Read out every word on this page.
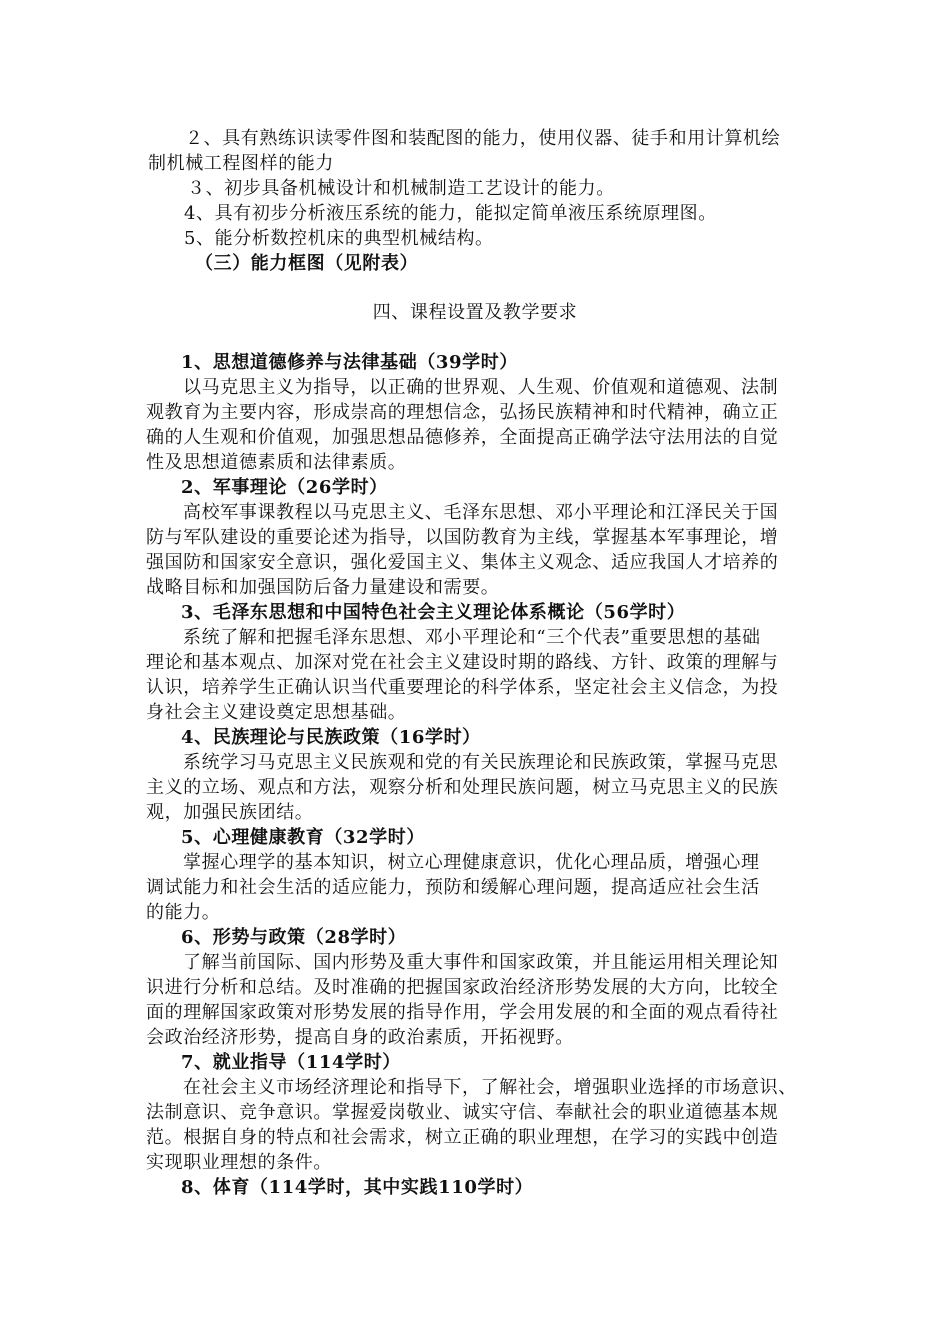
２、具有熟练识读零件图和装配图的能力，使用仪器、徒手和用计算机绘
制机械工程图样的能力
３、初步具备机械设计和机械制造工艺设计的能力。
4、具有初步分析液压系统的能力，能拟定简单液压系统原理图。
5、能分析数控机床的典型机械结构。
（三）能力框图（见附表）
四、课程设置及教学要求
1、思想道德修养与法律基础（39学时）
以马克思主义为指导，以正确的世界观、人生观、价值观和道德观、法制
观教育为主要内容，形成崇高的理想信念，弘扬民族精神和时代精神，确立正
确的人生观和价值观，加强思想品德修养，全面提高正确学法守法用法的自觉
性及思想道德素质和法律素质。
2、军事理论（26学时）
高校军事课教程以马克思主义、毛泽东思想、邓小平理论和江泽民关于国
防与军队建设的重要论述为指导，以国防教育为主线，掌握基本军事理论，增
强国防和国家安全意识，强化爱国主义、集体主义观念、适应我国人才培养的
战略目标和加强国防后备力量建设和需要。
3、毛泽东思想和中国特色社会主义理论体系概论（56学时）
系统了解和把握毛泽东思想、邓小平理论和“三个代表”重要思想的基础
理论和基本观点、加深对党在社会主义建设时期的路线、方针、政策的理解与
认识，培养学生正确认识当代重要理论的科学体系，坚定社会主义信念，为投
身社会主义建设奠定思想基础。
4、民族理论与民族政策（16学时）
系统学习马克思主义民族观和党的有关民族理论和民族政策，掌握马克思
主义的立场、观点和方法，观察分析和处理民族问题，树立马克思主义的民族
观，加强民族团结。
5、心理健康教育（32学时）
掌握心理学的基本知识，树立心理健康意识，优化心理品质，增强心理
调试能力和社会生活的适应能力，预防和缓解心理问题，提高适应社会生活
的能力。
6、形势与政策（28学时）
了解当前国际、国内形势及重大事件和国家政策，并且能运用相关理论知
识进行分析和总结。及时准确的把握国家政治经济形势发展的大方向，比较全
面的理解国家政策对形势发展的指导作用，学会用发展的和全面的观点看待社
会政治经济形势，提高自身的政治素质，开拓视野。
7、就业指导（114学时）
在社会主义市场经济理论和指导下，了解社会，增强职业选择的市场意识、
法制意识、竞争意识。掌握爱岗敬业、诚实守信、奉献社会的职业道德基本规
范。根据自身的特点和社会需求，树立正确的职业理想，在学习的实践中创造
实现职业理想的条件。
8、体育（114学时，其中实践110学时）
